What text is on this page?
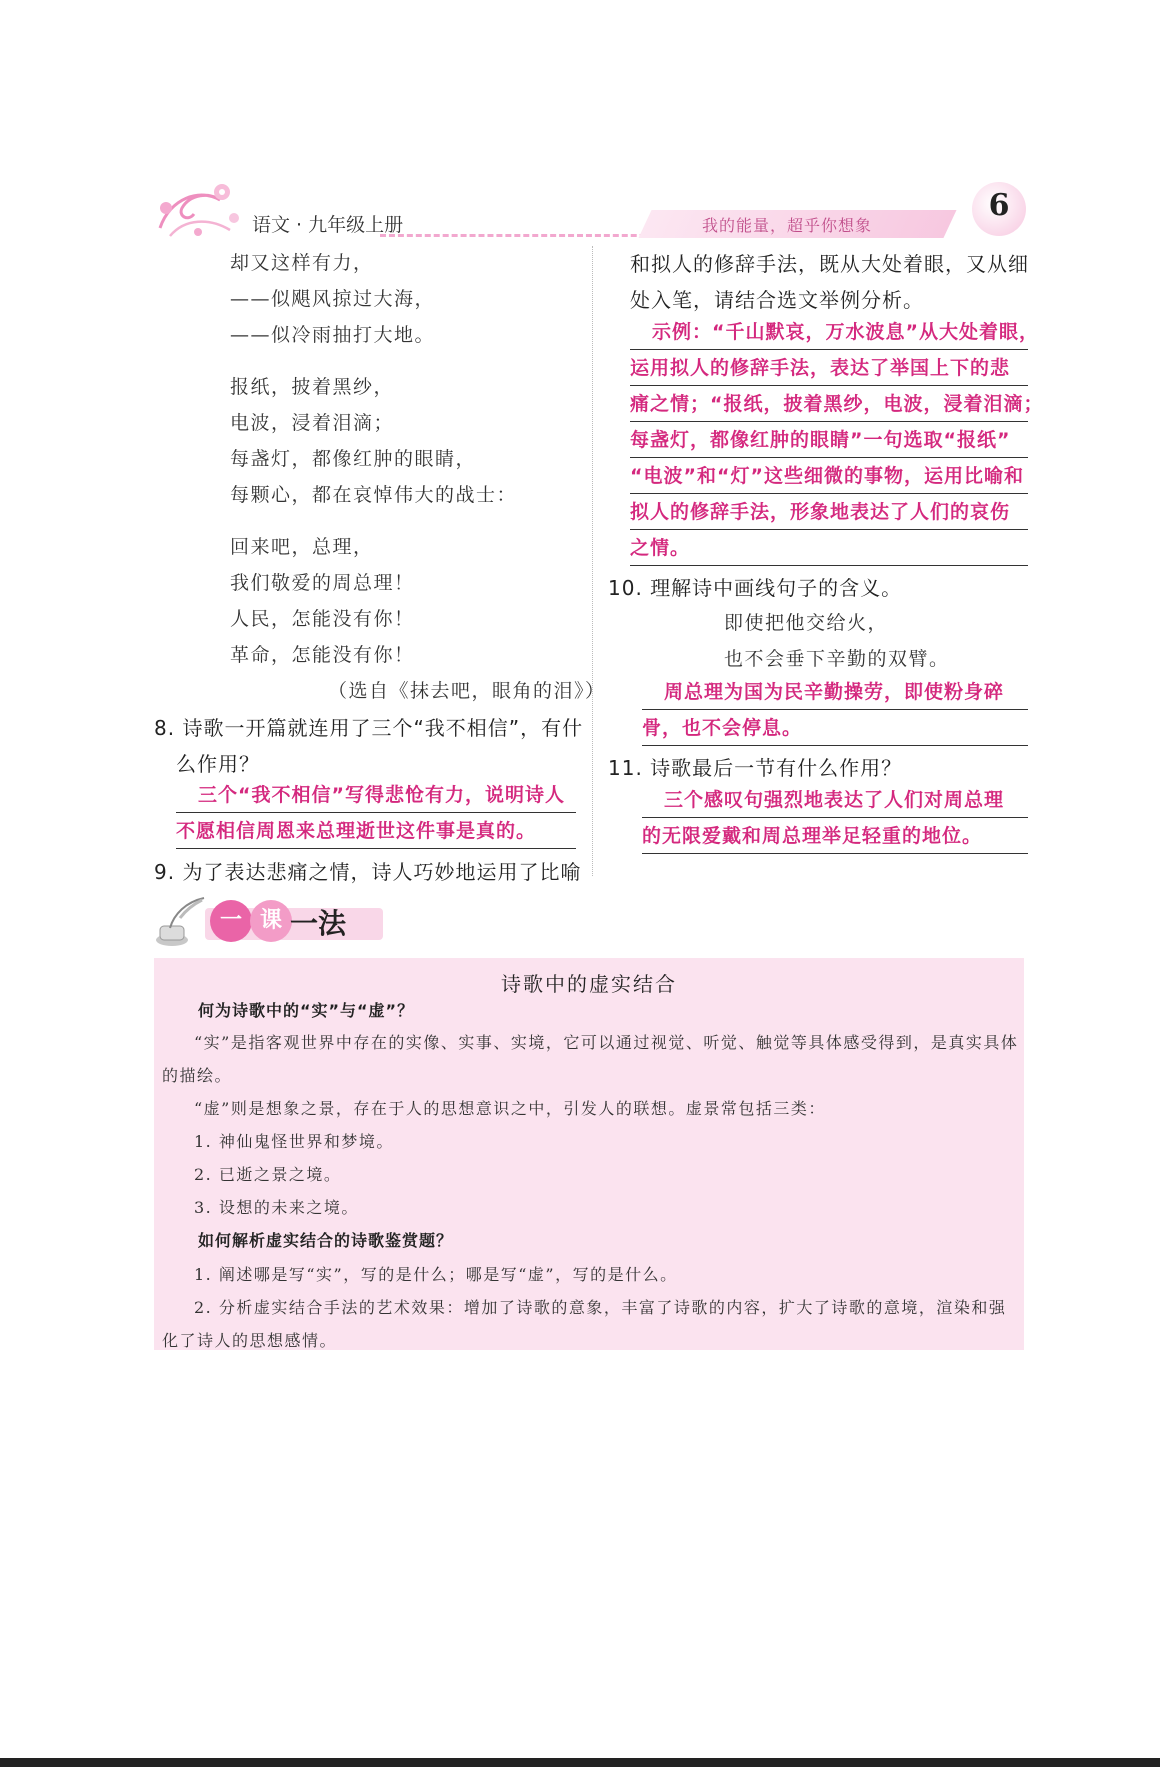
语文 · 九年级上册	我的能量，超乎你想象
6
却又这样有力，
——似飓风掠过大海，
——似冷雨抽打大地。
报纸，披着黑纱，
电波，浸着泪滴；
每盏灯，都像红肿的眼睛，
每颗心，都在哀悼伟大的战士：
回来吧，总理，
我们敬爱的周总理！
人民，怎能没有你！
革命，怎能没有你！
（选自《抹去吧，眼角的泪》）
8. 诗歌一开篇就连用了三个“我不相信”，有什
么作用？
三个“我不相信”写得悲怆有力，说明诗人
不愿相信周恩来总理逝世这件事是真的。
9. 为了表达悲痛之情，诗人巧妙地运用了比喻
和拟人的修辞手法，既从大处着眼，又从细
处入笔，请结合选文举例分析。
示例：“千山默哀，万水波息”从大处着眼，
运用拟人的修辞手法，表达了举国上下的悲
痛之情；“报纸，披着黑纱，电波，浸着泪滴；
每盏灯，都像红肿的眼睛”一句选取“报纸”
“电波”和“灯”这些细微的事物，运用比喻和
拟人的修辞手法，形象地表达了人们的哀伤
之情。
10. 理解诗中画线句子的含义。
即使把他交给火，
也不会垂下辛勤的双臂。
周总理为国为民辛勤操劳，即使粉身碎
骨，也不会停息。
11. 诗歌最后一节有什么作用？
三个感叹句强烈地表达了人们对周总理
的无限爱戴和周总理举足轻重的地位。
一 课 一法
诗歌中的虚实结合
何为诗歌中的“实”与“虚”？
“实”是指客观世界中存在的实像、实事、实境，它可以通过视觉、听觉、触觉等具体感受得到，是真实具体
的描绘。
“虚”则是想象之景，存在于人的思想意识之中，引发人的联想。虚景常包括三类：
1. 神仙鬼怪世界和梦境。
2. 已逝之景之境。
3. 设想的未来之境。
如何解析虚实结合的诗歌鉴赏题？
1. 阐述哪是写“实”，写的是什么；哪是写“虚”，写的是什么。
2. 分析虚实结合手法的艺术效果：增加了诗歌的意象，丰富了诗歌的内容，扩大了诗歌的意境，渲染和强
化了诗人的思想感情。
